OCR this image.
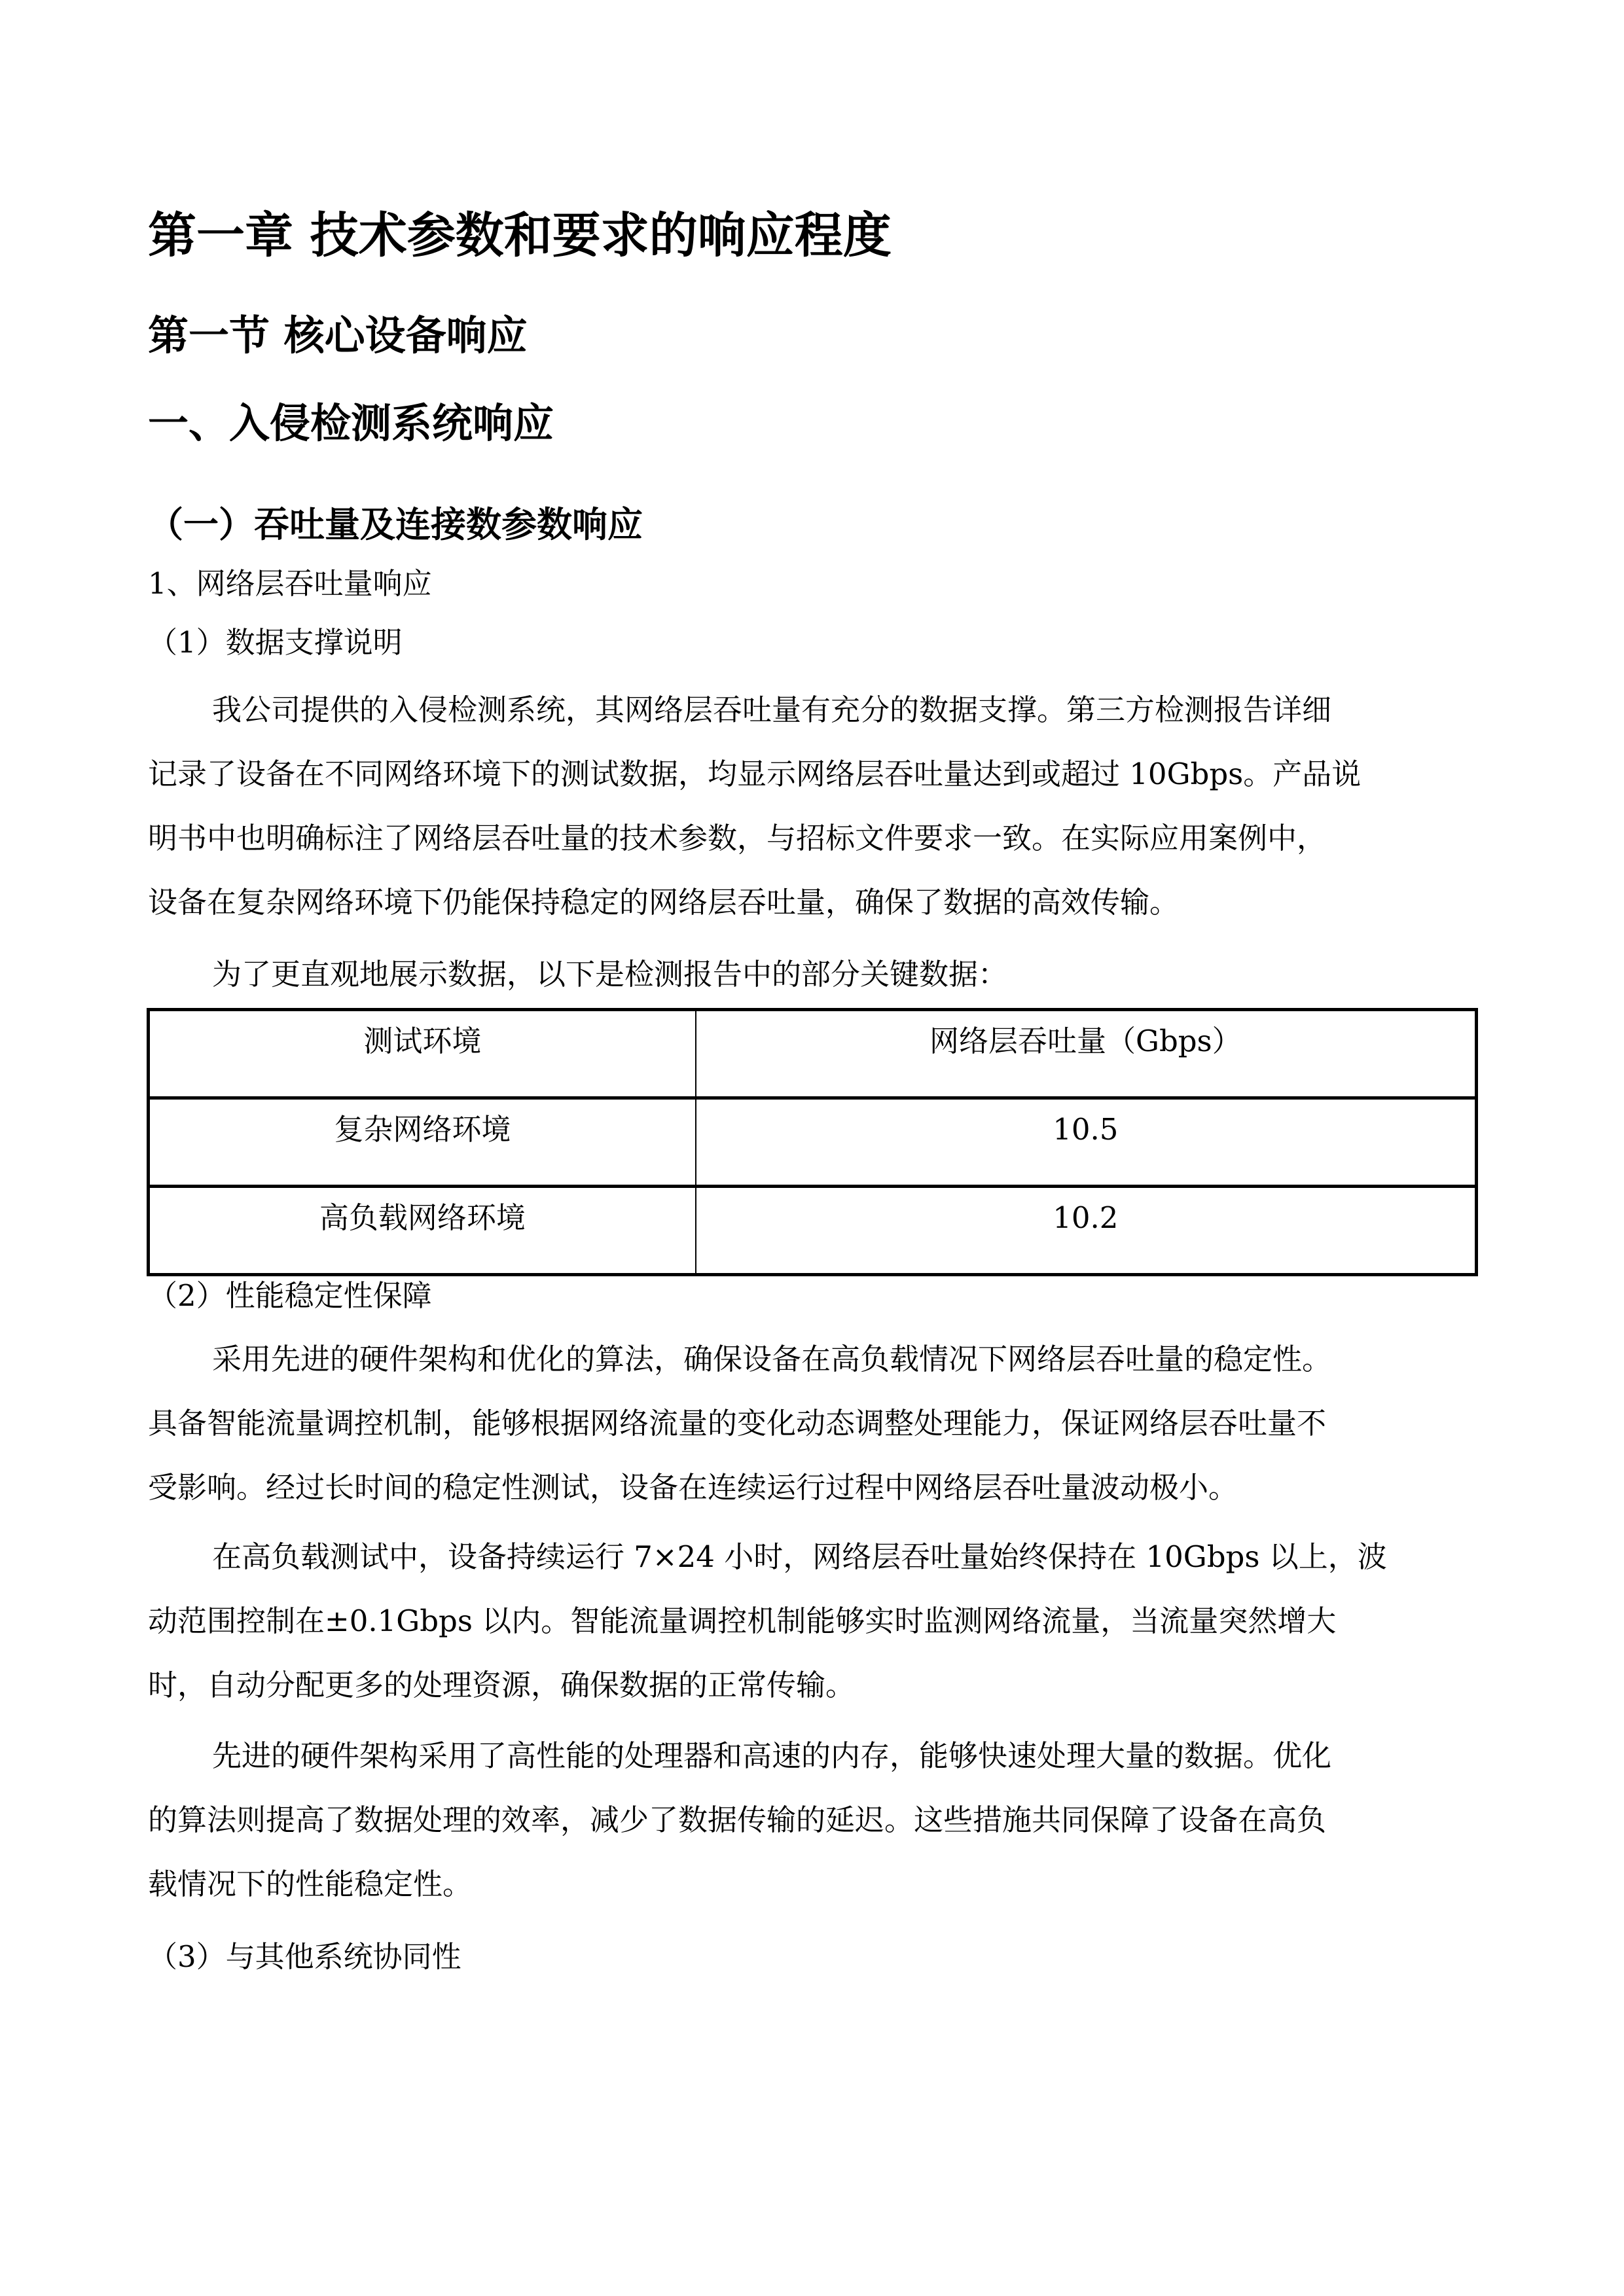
第一章 技术参数和要求的响应程度
第一节 核心设备响应
一、入侵检测系统响应
（一）吞吐量及连接数参数响应
1、网络层吞吐量响应
（1）数据支撑说明
我公司提供的入侵检测系统，其网络层吞吐量有充分的数据支撑。第三方检测报告详细
记录了设备在不同网络环境下的测试数据，均显示网络层吞吐量达到或超过 10Gbps。产品说
明书中也明确标注了网络层吞吐量的技术参数，与招标文件要求一致。在实际应用案例中，
设备在复杂网络环境下仍能保持稳定的网络层吞吐量，确保了数据的高效传输。
为了更直观地展示数据，以下是检测报告中的部分关键数据：
测试环境	网络层吞吐量（Gbps）
复杂网络环境	10.5
高负载网络环境	10.2
（2）性能稳定性保障
采用先进的硬件架构和优化的算法，确保设备在高负载情况下网络层吞吐量的稳定性。
具备智能流量调控机制，能够根据网络流量的变化动态调整处理能力，保证网络层吞吐量不
受影响。经过长时间的稳定性测试，设备在连续运行过程中网络层吞吐量波动极小。
在高负载测试中，设备持续运行 7×24 小时，网络层吞吐量始终保持在 10Gbps 以上，波
动范围控制在±0.1Gbps 以内。智能流量调控机制能够实时监测网络流量，当流量突然增大
时，自动分配更多的处理资源，确保数据的正常传输。
先进的硬件架构采用了高性能的处理器和高速的内存，能够快速处理大量的数据。优化
的算法则提高了数据处理的效率，减少了数据传输的延迟。这些措施共同保障了设备在高负
载情况下的性能稳定性。
（3）与其他系统协同性
